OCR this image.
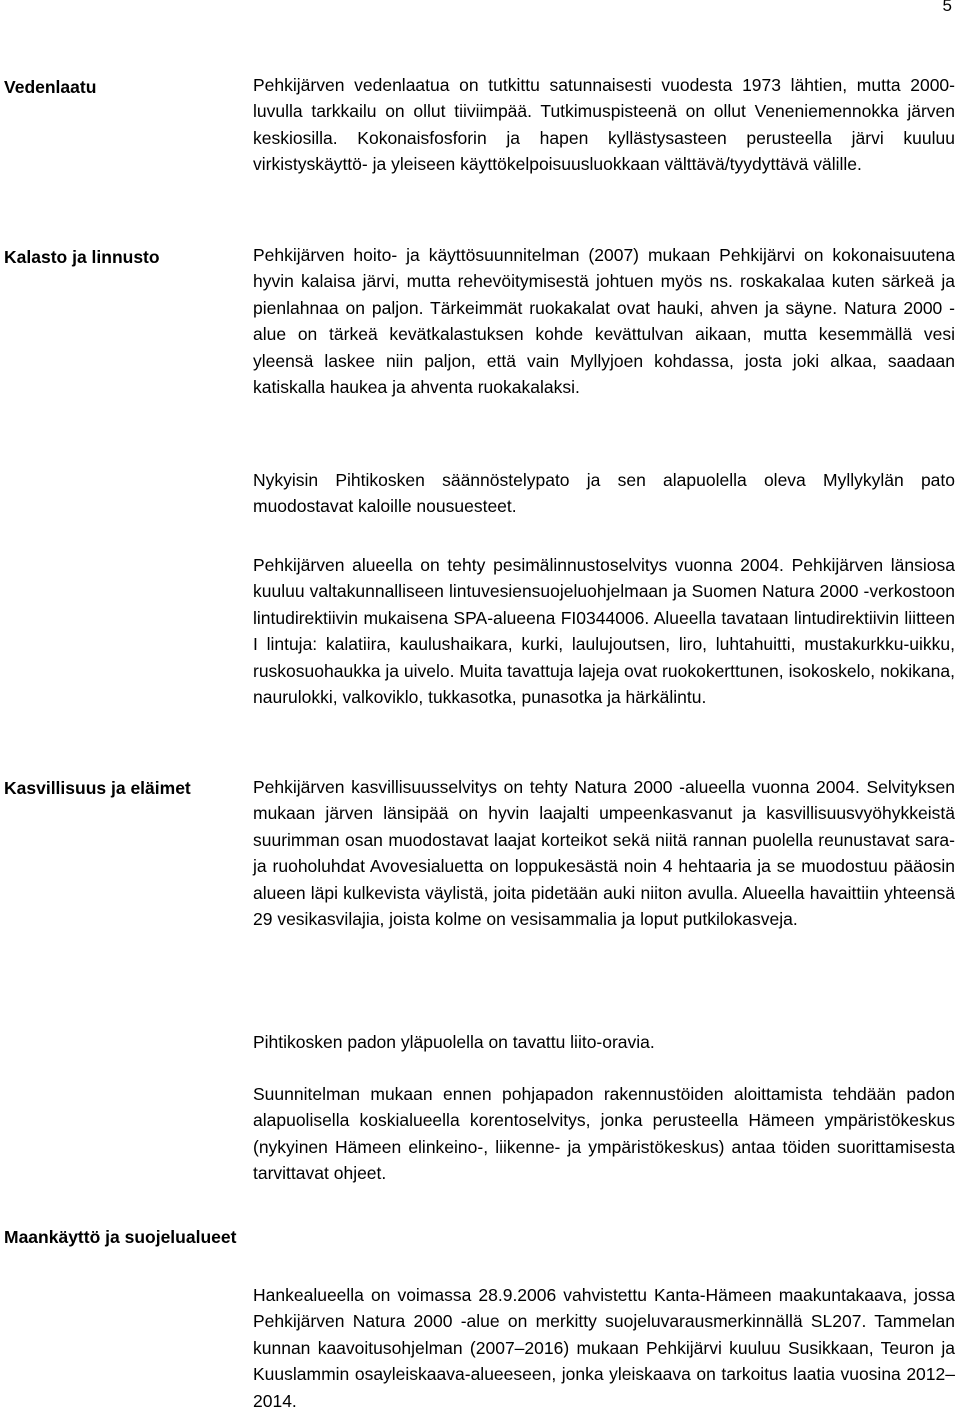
5
Vedenlaatu	Pehkijärven vedenlaatua on tutkittu satunnaisesti vuodesta 1973 lähtien, mutta 2000-luvulla tarkkailu on ollut tiiviimpää. Tutkimuspisteenä on ollut Veneniemennokka järven keskiosilla. Kokonaisfosforin ja hapen kyllästysasteen perusteella järvi kuuluu virkistyskäyttö- ja yleiseen käyttökelpoisuusluokkaan välttävä/tyydyttävä välille.

Kalasto ja linnusto	Pehkijärven hoito- ja käyttösuunnitelman (2007) mukaan Pehkijärvi on kokonaisuutena hyvin kalaisa järvi, mutta rehevöitymisestä johtuen myös ns. roskakalaa kuten särkeä ja pienlahnaa on paljon. Tärkeimmät ruokakalat ovat hauki, ahven ja säyne. Natura 2000 -alue on tärkeä kevätkalastuksen kohde kevättulvan aikaan, mutta kesemmällä vesi yleensä laskee niin paljon, että vain Myllyjoen kohdassa, josta joki alkaa, saadaan katiskalla haukea ja ahventa ruokakalaksi.

Nykyisin Pihtikosken säännöstelypato ja sen alapuolella oleva Myllykylän pato muodostavat kaloille nousuesteet.

Pehkijärven alueella on tehty pesimälinnustoselvitys vuonna 2004. Pehkijärven länsiosa kuuluu valtakunnalliseen lintuvesiensuojeluohjelmaan ja Suomen Natura 2000 -verkostoon lintudirektiivin mukaisena SPA-alueena FI0344006. Alueella tavataan lintudirektiivin liitteen I lintuja: kalatiira, kaulushaikara, kurki, laulujoutsen, liro, luhtahuitti, mustakurkku-uikku, ruskosuohaukka ja uivelo. Muita tavattuja lajeja ovat ruokokerttunen, isokoskelo, nokikana, naurulokki, valkoviklo, tukkasotka, punasotka ja härkälintu.

Kasvillisuus ja eläimet	Pehkijärven kasvillisuusselvitys on tehty Natura 2000 -alueella vuonna 2004. Selvityksen mukaan järven länsipää on hyvin laajalti umpeenkasvanut ja kasvillisuusvyöhykkeistä suurimman osan muodostavat laajat korteikot sekä niitä rannan puolella reunustavat sara- ja ruoholuhdat Avovesialuetta on loppukesästä noin 4 hehtaaria ja se muodostuu pääosin alueen läpi kulkevista väylistä, joita pidetään auki niiton avulla. Alueella havaittiin yhteensä 29 vesikasvilajia, joista kolme on vesisammalia ja loput putkilokasveja.

Pihtikosken padon yläpuolella on tavattu liito-oravia.

Suunnitelman mukaan ennen pohjapadon rakennustöiden aloittamista tehdään padon alapuolisella koskialueella korentoselvitys, jonka perusteella Hämeen ympäristökeskus (nykyinen Hämeen elinkeino-, liikenne- ja ympäristökeskus) antaa töiden suorittamisesta tarvittavat ohjeet.

Maankäyttö ja suojelualueet

Hankealueella on voimassa 28.9.2006 vahvistettu Kanta-Hämeen maakuntakaava, jossa Pehkijärven Natura 2000 -alue on merkitty suojeluvarausmerkinnällä SL207. Tammelan kunnan kaavoitusohjelman (2007–2016) mukaan Pehkijärvi kuuluu Susikkaan, Teuron ja Kuuslammin osayleiskaava-alueeseen, jonka yleiskaava on tarkoitus laatia vuosina 2012–2014.
